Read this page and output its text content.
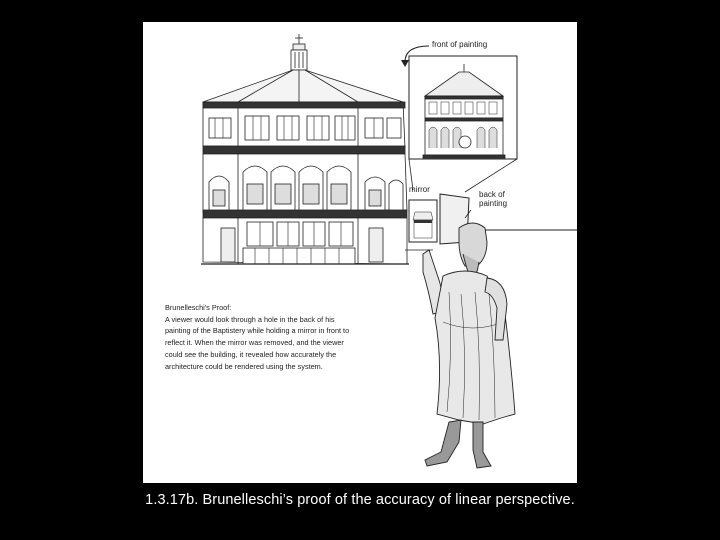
front of painting
mirror
back of painting
Brunelleschi's Proof:
A viewer would look through a hole in the back of his painting of the Baptistery while holding a mirror in front to reflect it. When the mirror was removed, and the viewer could see the building, it revealed how accurately the architecture could be rendered using the system.
1.3.17b. Brunelleschi’s proof of the accuracy of linear perspective.
